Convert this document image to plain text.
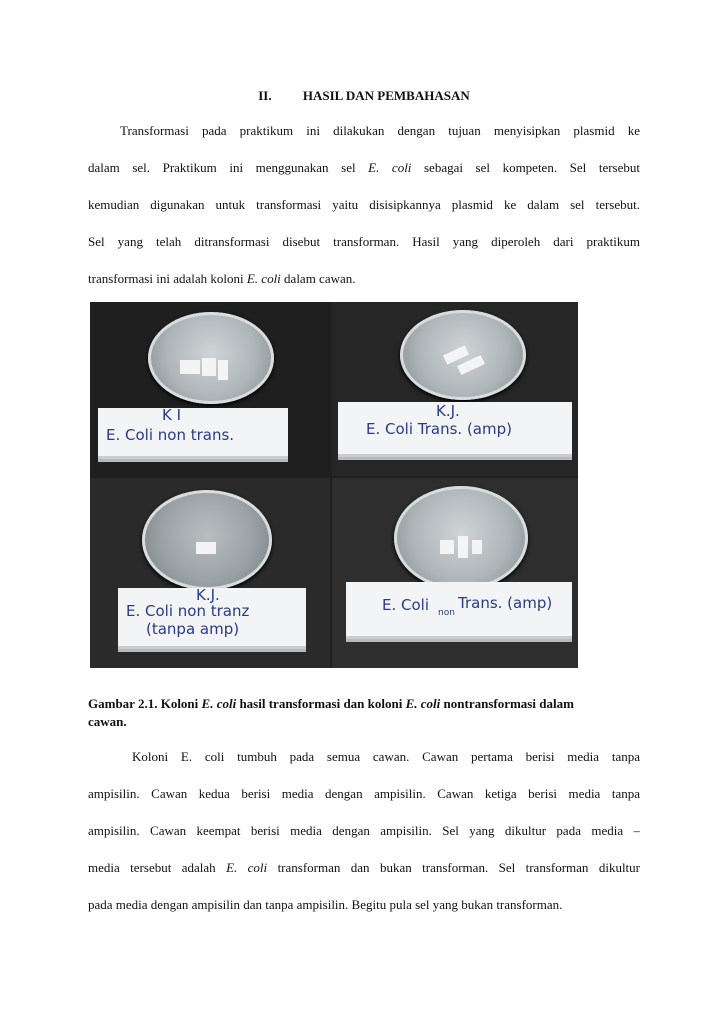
II. HASIL DAN PEMBAHASAN
Transformasi pada praktikum ini dilakukan dengan tujuan menyisipkan plasmid ke
dalam sel. Praktikum ini menggunakan sel E. coli sebagai sel kompeten. Sel tersebut
kemudian digunakan untuk transformasi yaitu disisipkannya plasmid ke dalam sel tersebut.
Sel yang telah ditransformasi disebut transforman. Hasil yang diperoleh dari praktikum
transformasi ini adalah koloni E. coli dalam cawan.
K I
E. Coli non trans.
K.J.
E. Coli Trans. (amp)
K.J.
E. Coli non tranz
(tanpa amp)
E. Coli non
Trans. (amp)
Gambar 2.1. Koloni E. coli hasil transformasi dan koloni E. coli nontransformasi dalam
cawan.
Koloni E. coli tumbuh pada semua cawan. Cawan pertama berisi media tanpa
ampisilin. Cawan kedua berisi media dengan ampisilin. Cawan ketiga berisi media tanpa
ampisilin. Cawan keempat berisi media dengan ampisilin. Sel yang dikultur pada media –
media tersebut adalah E. coli transforman dan bukan transforman. Sel transforman dikultur
pada media dengan ampisilin dan tanpa ampisilin. Begitu pula sel yang bukan transforman.
